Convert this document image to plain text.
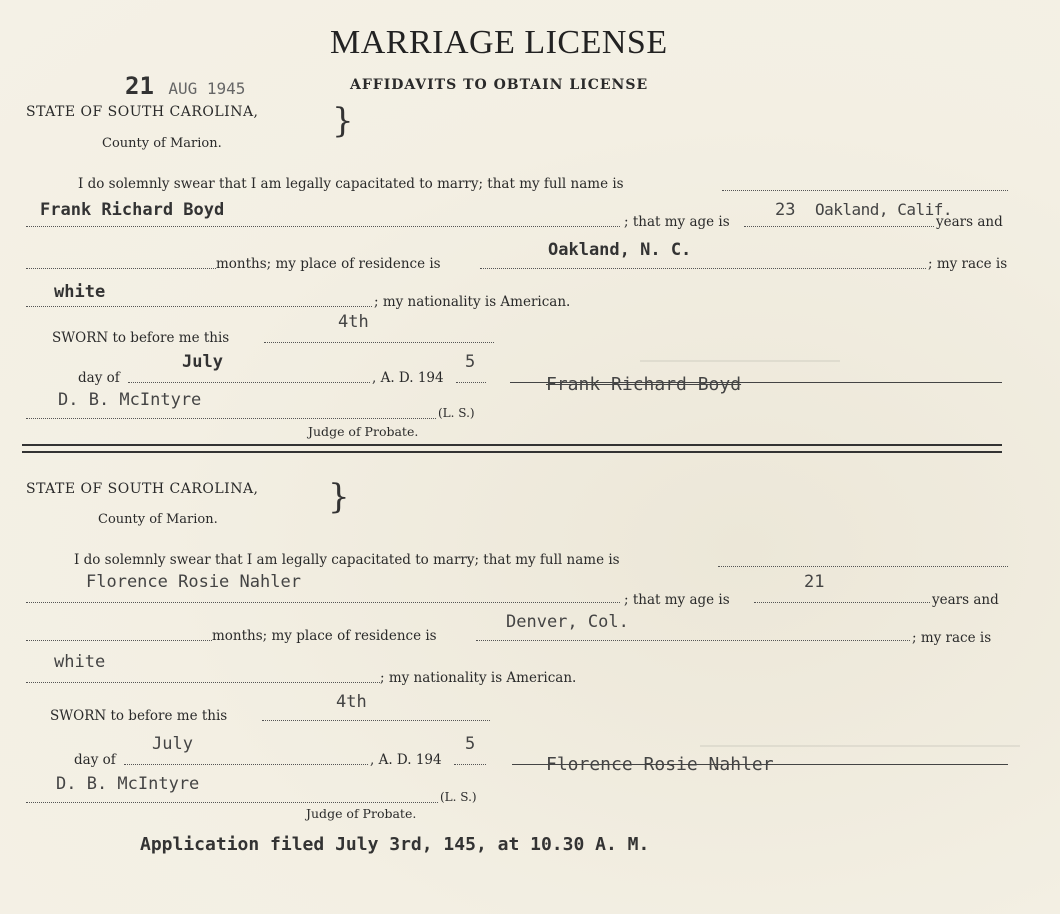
MARRIAGE LICENSE
AFFIDAVITS TO OBTAIN LICENSE
21 AUG 1945
STATE OF SOUTH CAROLINA,
County of Marion.
}
I do solemnly swear that I am legally capacitated to marry; that my full name is
Frank Richard Boyd
; that my age is
23 Oakland, Calif.
years and
months; my place of residence is
Oakland, N. C.
; my race is
white	; my nationality is American.
SWORN to before me this
4th
day of
July
, A. D. 194
5
Frank Richard Boyd
D. B. McIntyre
(L. S.)
Judge of Probate.
STATE OF SOUTH CAROLINA,
County of Marion.
}
I do solemnly swear that I am legally capacitated to marry; that my full name is
Florence Rosie Nahler
; that my age is
21
years and
months; my place of residence is
Denver, Col.
; my race is
white
; my nationality is American.
SWORN to before me this
4th
day of
July
, A. D. 194
5
Florence Rosie Nahler
D. B. McIntyre
(L. S.)
Judge of Probate.
Application filed July 3rd, 145, at 10.30 A. M.
